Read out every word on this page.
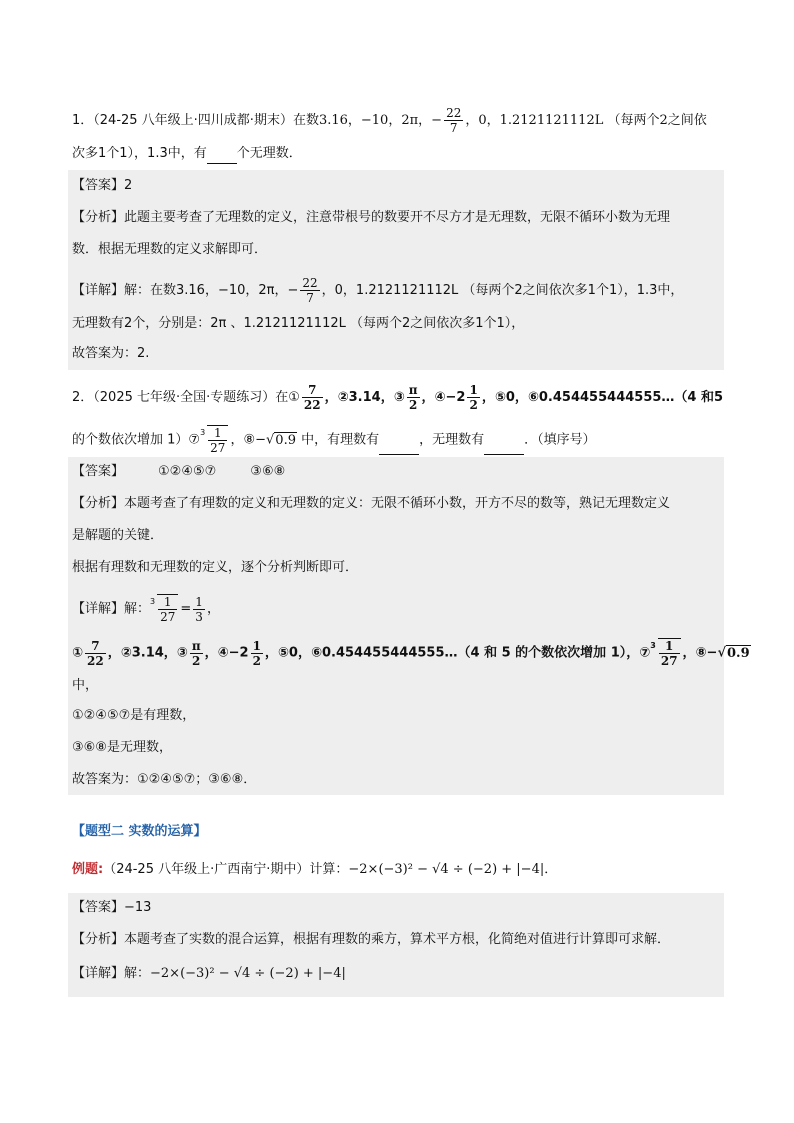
1．（24-25 八年级上·四川成都·期末）在数3.16，−10，2π，− $\frac{22}{7}$ ，0，1.2121121112L （每两个2之间依
次多1个1），1.3̇中，有 个无理数．
【答案】2
【分析】此题主要考查了无理数的定义，注意带根号的数要开不尽方才是无理数，无限不循环小数为无理
数．根据无理数的定义求解即可．
【详解】解：在数3.16，−10，2π，− $\frac{22}{7}$ ，0，1.2121121112L （每两个2之间依次多1个1），1.3̇中，
无理数有2个，分别是：2π 、1.2121121112L （每两个2之间依次多1个1），
故答案为：2.
2．（2025 七年级·全国·专题练习）在① $\frac{7}{22}$ ，②3.14，③ $\frac{\pi}{2}$ ，④−2 $\frac{1}{2}$ ，⑤0，⑥0.454455444555…（4 和5
的个数依次增加 1）⑦$^3$ $\frac{1}{27}$ ，⑧−√0.9 中，有理数有	，无理数有	．（填序号）
【答案】	①②④⑤⑦	③⑥⑧
【分析】本题考查了有理数的定义和无理数的定义：无限不循环小数，开方不尽的数等，熟记无理数定义
是解题的关键．
根据有理数和无理数的定义，逐个分析判断即可．
【详解】解：$^3 \frac{1}{27} = \frac{1}{3}$ ，
① $\frac{7}{22}$ ，②3.14，③ $\frac{\pi}{2}$ ，④−2 $\frac{1}{2}$ ，⑤0，⑥0.454455444555…（4 和 5 的个数依次增加 1），⑦$^3$ $\frac{1}{27}$ ，⑧−√0.9
中，
①②④⑤⑦是有理数，
③⑥⑧是无理数，
故答案为：①②④⑤⑦；③⑥⑧．
【题型二 实数的运算】
例题:（24-25 八年级上·广西南宁·期中）计算：−2×(−3)² − √4 ÷ (−2) + |−4|．
【答案】−13
【分析】本题考查了实数的混合运算，根据有理数的乘方，算术平方根，化简绝对值进行计算即可求解．
【详解】解：−2×(−3)² − √4 ÷ (−2) + |−4|
